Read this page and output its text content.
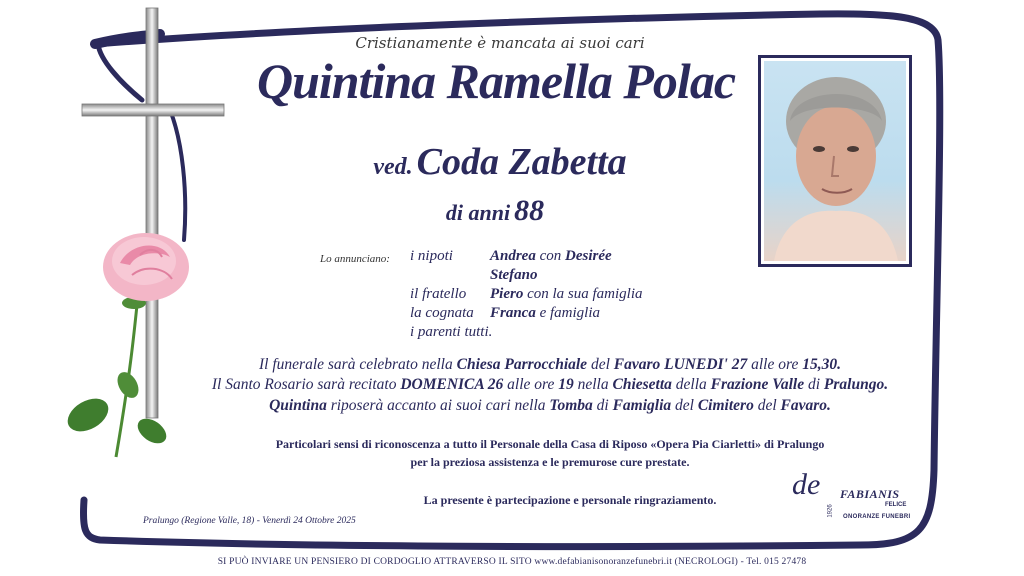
Cristianamente è mancata ai suoi cari
Quintina Ramella Polac
ved. Coda Zabetta
di anni 88
Lo annunciano: i nipoti
il fratello
la cognata
i parenti tutti.
Andrea con Desirée
Stefano
Piero con la sua famiglia
Franca e famiglia
Il funerale sarà celebrato nella Chiesa Parrocchiale del Favaro LUNEDI' 27 alle ore 15,30.
Il Santo Rosario sarà recitato DOMENICA 26 alle ore 19 nella Chiesetta della Frazione Valle di Pralungo.
Quintina riposerà accanto ai suoi cari nella Tomba di Famiglia del Cimitero del Favaro.
Particolari sensi di riconoscenza a tutto il Personale della Casa di Riposo «Opera Pia Ciarletti» di Pralungo
per la preziosa assistenza e le premurose cure prestate.
La presente è partecipazione e personale ringraziamento.
Pralungo (Regione Valle, 18) - Venerdì 24 Ottobre 2025
de FABIANIS
FELICE
ONORANZE FUNEBRI
1926
SI PUÒ INVIARE UN PENSIERO DI CORDOGLIO ATTRAVERSO IL SITO www.defabianisonoranzefunebri.it (NECROLOGI) - Tel. 015 27478
